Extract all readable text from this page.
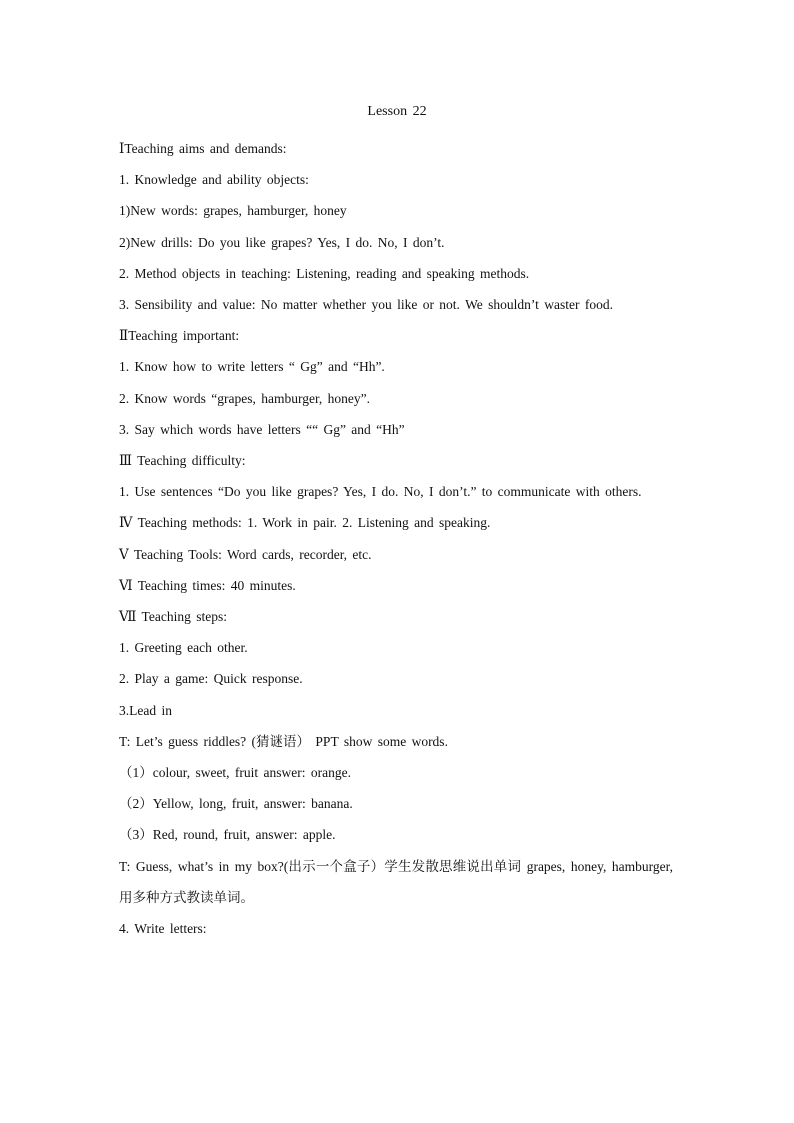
Lesson 22

ⅠTeaching aims and demands:

1. Knowledge and ability objects:

1)New words: grapes, hamburger, honey

2)New drills: Do you like grapes? Yes, I do. No, I don’t.

2. Method objects in teaching: Listening, reading and speaking methods.

3. Sensibility and value: No matter whether you like or not. We shouldn’t waster food.

ⅡTeaching important:

1. Know how to write letters “ Gg” and “Hh”.

2. Know words “grapes, hamburger, honey”.

3. Say which words have letters ““ Gg” and “Hh”

Ⅲ Teaching difficulty:

1. Use sentences “Do you like grapes? Yes, I do. No, I don’t.” to communicate with others.

Ⅳ Teaching methods: 1. Work in pair. 2. Listening and speaking.

Ⅴ Teaching Tools: Word cards, recorder, etc.

Ⅵ Teaching times: 40 minutes.

Ⅶ Teaching steps:

1. Greeting each other.

2. Play a game: Quick response.

3.Lead in

T: Let’s guess riddles? (猜谜语） PPT show some words.

（1）colour, sweet, fruit answer: orange.

（2）Yellow, long, fruit, answer: banana.

（3）Red, round, fruit, answer: apple.

T: Guess, what’s in my box?(出示一个盒子）学生发散思维说出单词 grapes, honey, hamburger, 用多种方式教读单词。

4. Write letters:
